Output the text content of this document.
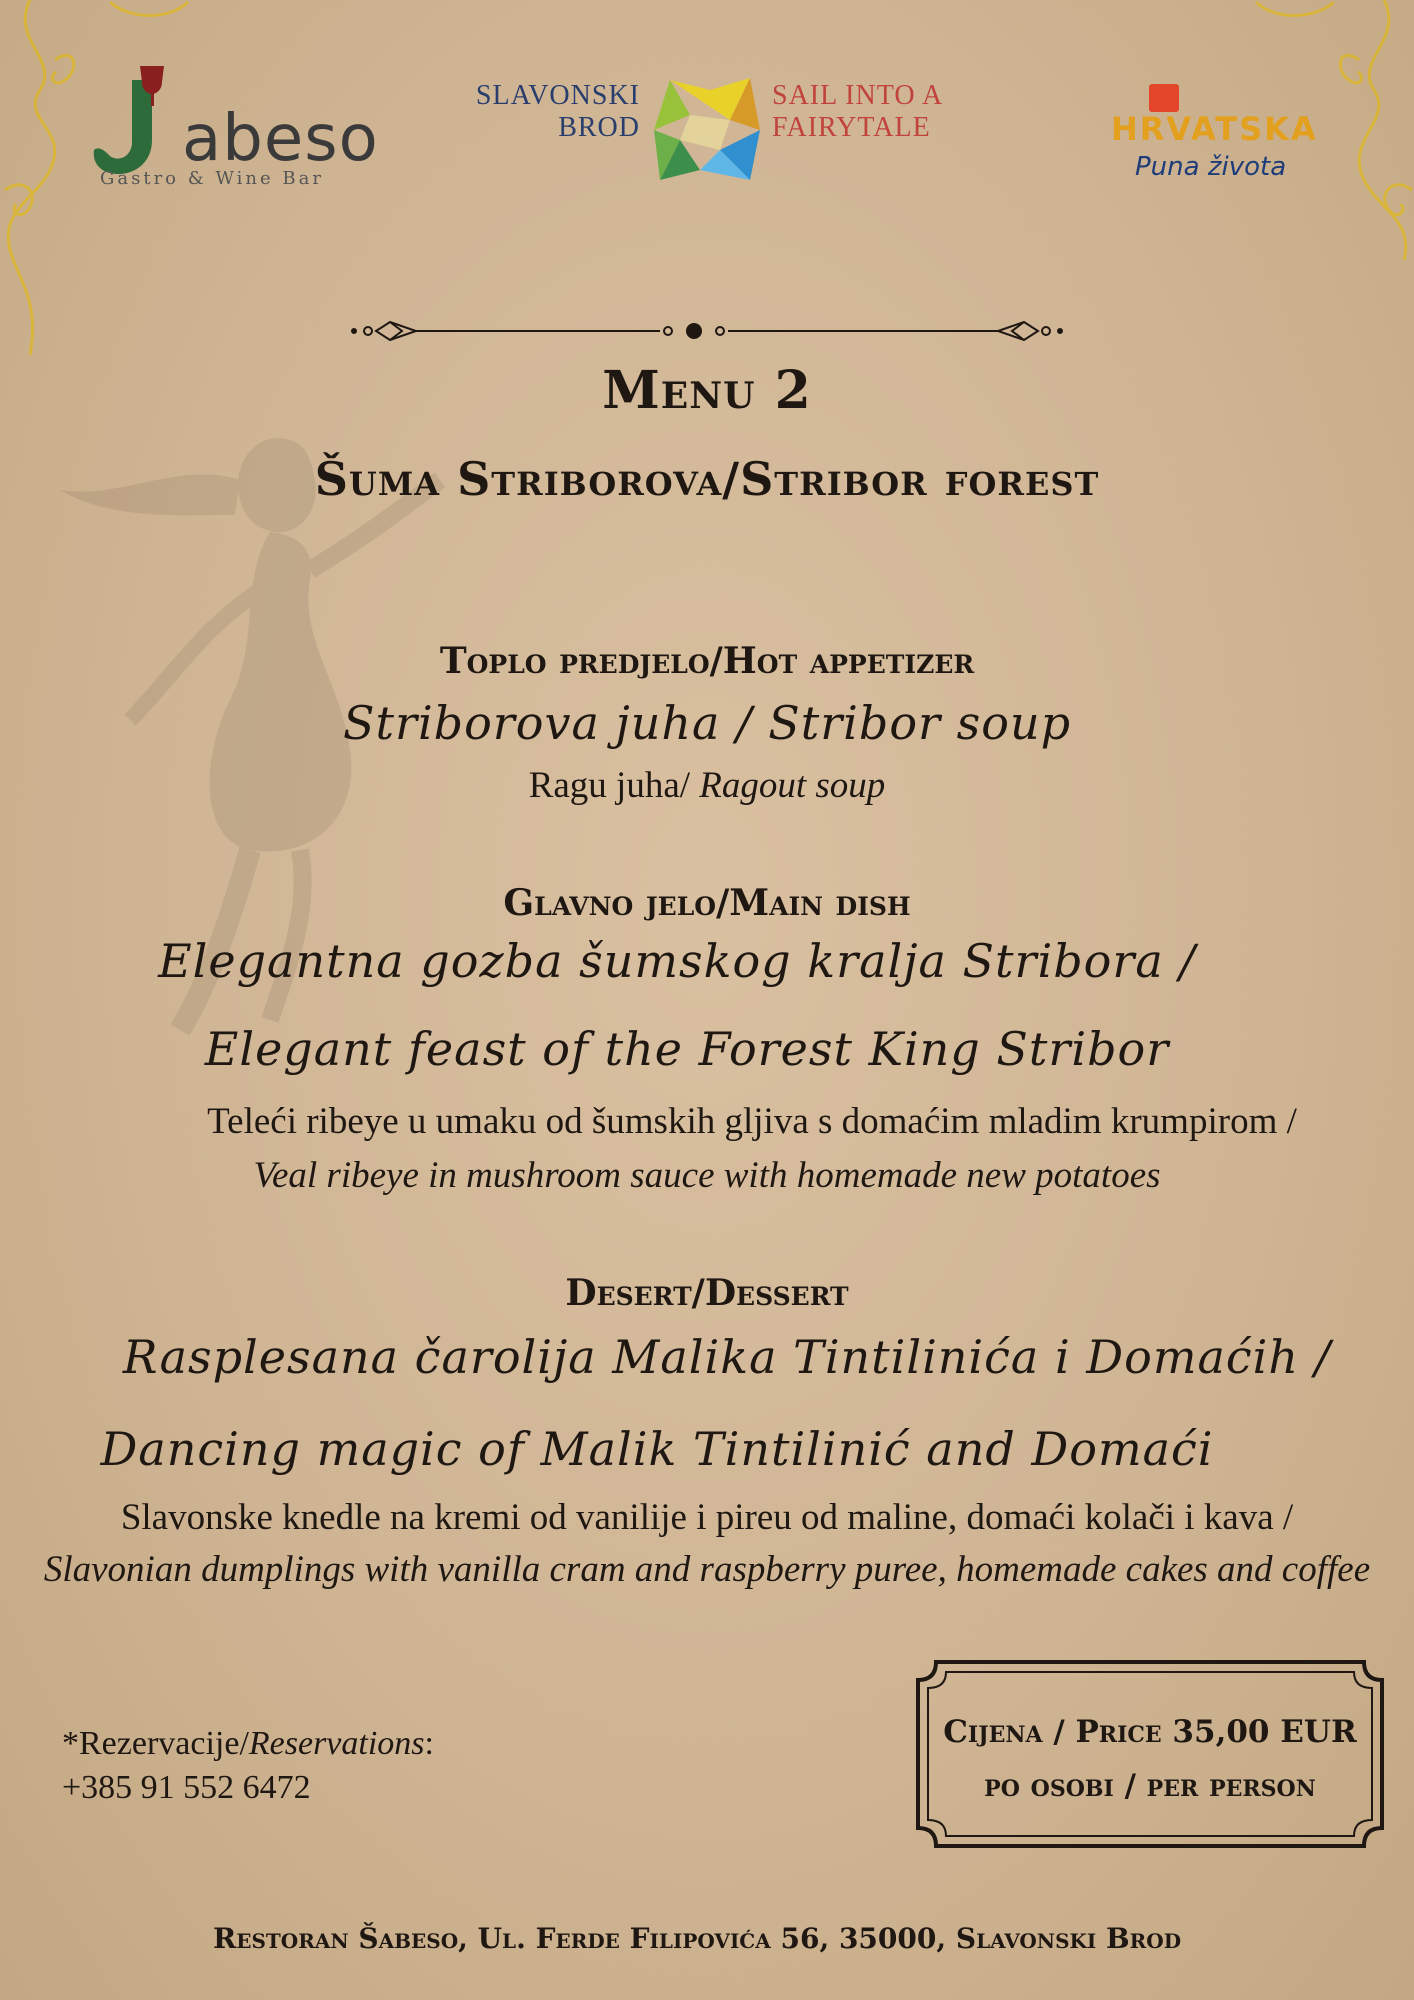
abeso
Gastro & Wine Bar
SLAVONSKI
BROD
SAIL INTO A
FAIRYTALE	HRVATSKA
Puna života
Menu 2
Šuma Striborova/Stribor forest
Toplo predjelo/Hot appetizer
Striborova juha / Stribor soup
Ragu juha/ Ragout soup
Glavno jelo/Main dish
Elegantna gozba šumskog kralja Stribora /
Elegant feast of the Forest King Stribor
Teleći ribeye u umaku od šumskih gljiva s domaćim mladim krumpirom /
Veal ribeye in mushroom sauce with homemade new potatoes
Desert/Dessert
Rasplesana čarolija Malika Tintilinića i Domaćih /
Dancing magic of Malik Tintilinić and Domaći
Slavonske knedle na kremi od vanilije i pireu od maline, domaći kolači i kava /
Slavonian dumplings with vanilla cram and raspberry puree, homemade cakes and coffee
*Rezervacije/Reservations:
+385 91 552 6472
Cijena / Price 35,00 EUR
po osobi / per person
Restoran Šabeso, Ul. Ferde Filipovića 56, 35000, Slavonski Brod
